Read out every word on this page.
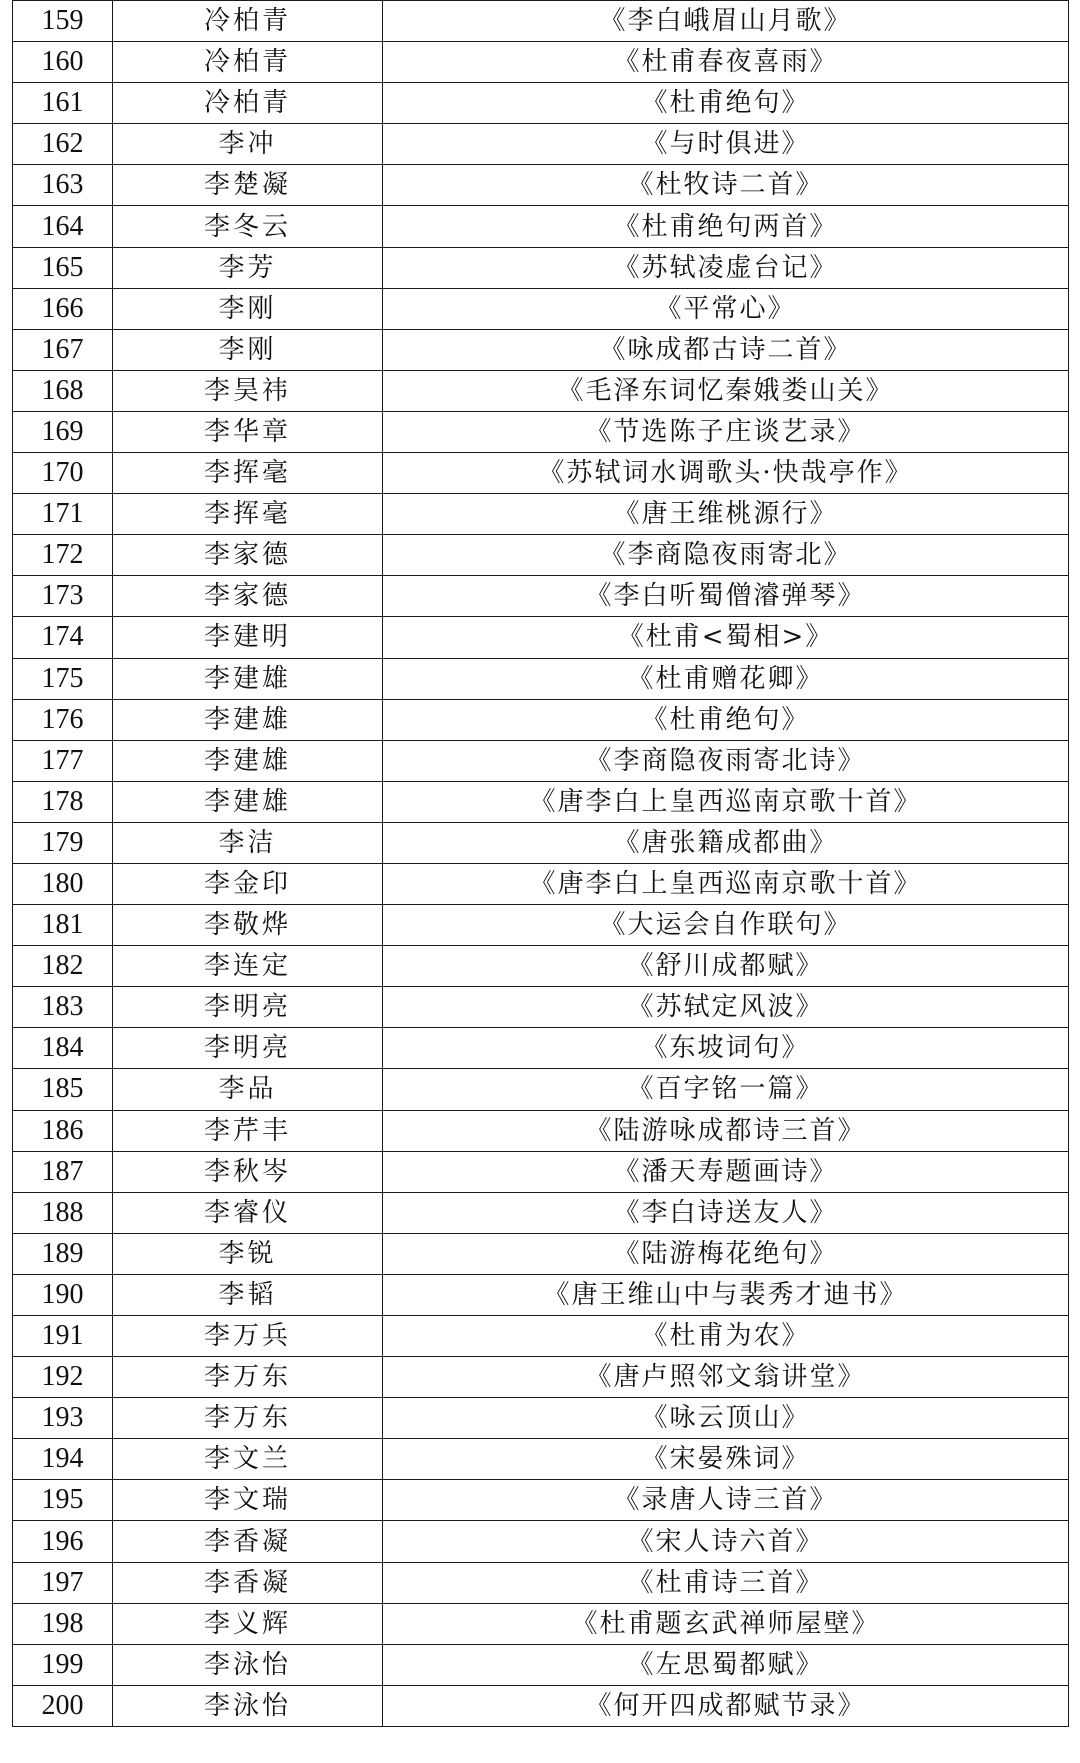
159	冷柏青	《李白峨眉山月歌》
160	冷柏青	《杜甫春夜喜雨》
161	冷柏青	《杜甫绝句》
162	李冲	《与时俱进》
163	李楚凝	《杜牧诗二首》
164	李冬云	《杜甫绝句两首》
165	李芳	《苏轼凌虚台记》
166	李刚	《平常心》
167	李刚	《咏成都古诗二首》
168	李昊祎	《毛泽东词忆秦娥娄山关》
169	李华章	《节选陈子庄谈艺录》
170	李挥毫	《苏轼词水调歌头·快哉亭作》
171	李挥毫	《唐王维桃源行》
172	李家德	《李商隐夜雨寄北》
173	李家德	《李白听蜀僧濬弹琴》
174	李建明	《杜甫<蜀相>》
175	李建雄	《杜甫赠花卿》
176	李建雄	《杜甫绝句》
177	李建雄	《李商隐夜雨寄北诗》
178	李建雄	《唐李白上皇西巡南京歌十首》
179	李洁	《唐张籍成都曲》
180	李金印	《唐李白上皇西巡南京歌十首》
181	李敬烨	《大运会自作联句》
182	李连定	《舒川成都赋》
183	李明亮	《苏轼定风波》
184	李明亮	《东坡词句》
185	李品	《百字铭一篇》
186	李芹丰	《陆游咏成都诗三首》
187	李秋岑	《潘天寿题画诗》
188	李睿仪	《李白诗送友人》
189	李锐	《陆游梅花绝句》
190	李韬	《唐王维山中与裴秀才迪书》
191	李万兵	《杜甫为农》
192	李万东	《唐卢照邻文翁讲堂》
193	李万东	《咏云顶山》
194	李文兰	《宋晏殊词》
195	李文瑞	《录唐人诗三首》
196	李香凝	《宋人诗六首》
197	李香凝	《杜甫诗三首》
198	李义辉	《杜甫题玄武禅师屋壁》
199	李泳怡	《左思蜀都赋》
200	李泳怡	《何开四成都赋节录》
